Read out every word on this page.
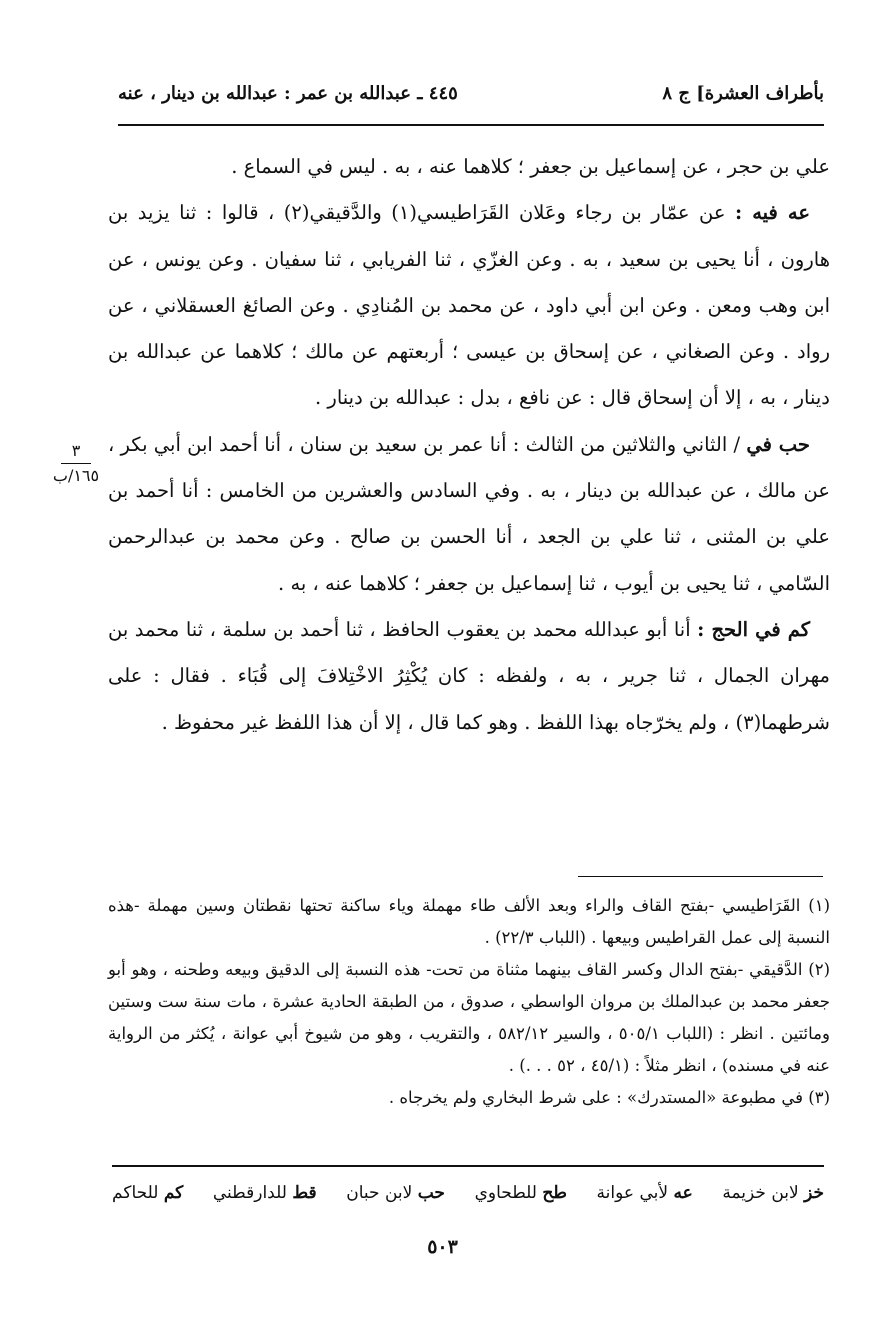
بأطراف العشرة] ج ٨
٤٤٥ ـ عبدالله بن عمر : عبدالله بن دينار ، عنه
٣
١٦٥/ب

علي بن حجر ، عن إسماعيل بن جعفر ؛ كلاهما عنه ، به . ليس في السماع .

عه فيه : عن عمّار بن رجاء وعَلان القَرَاطيسي(١) والدَّقيقي(٢) ، قالوا : ثنا يزيد بن هارون ، أنا يحيى بن سعيد ، به . وعن الغزّي ، ثنا الفريابي ، ثنا سفيان . وعن يونس ، عن ابن وهب ومعن . وعن ابن أبي داود ، عن محمد بن المُنادِي . وعن الصائغ العسقلاني ، عن رواد . وعن الصغاني ، عن إسحاق بن عيسى ؛ أربعتهم عن مالك ؛ كلاهما عن عبدالله بن دينار ، به ، إلا أن إسحاق قال : عن نافع ، بدل : عبدالله بن دينار .

حب في / الثاني والثلاثين من الثالث : أنا عمر بن سعيد بن سنان ، أنا أحمد ابن أبي بكر ، عن مالك ، عن عبدالله بن دينار ، به . وفي السادس والعشرين من الخامس : أنا أحمد بن علي بن المثنى ، ثنا علي بن الجعد ، أنا الحسن بن صالح . وعن محمد بن عبدالرحمن السّامي ، ثنا يحيى بن أيوب ، ثنا إسماعيل بن جعفر ؛ كلاهما عنه ، به .

كم في الحج : أنا أبو عبدالله محمد بن يعقوب الحافظ ، ثنا أحمد بن سلمة ، ثنا محمد بن مهران الجمال ، ثنا جرير ، به ، ولفظه : كان يُكْثِرُ الاخْتِلافَ إلى قُبَاء . فقال : على شرطهما(٣) ، ولم يخرّجاه بهذا اللفظ . وهو كما قال ، إلا أن هذا اللفظ غير محفوظ .

(١) القَرَاطيسي -بفتح القاف والراء وبعد الألف طاء مهملة وياء ساكنة تحتها نقطتان وسين مهملة -هذه النسبة إلى عمل القراطيس وبيعها . (اللباب ٢٢/٣) .

(٢) الدَّقيقي -بفتح الدال وكسر القاف بينهما مثناة من تحت- هذه النسبة إلى الدقيق وبيعه وطحنه ، وهو أبو جعفر محمد بن عبدالملك بن مروان الواسطي ، صدوق ، من الطبقة الحادية عشرة ، مات سنة ست وستين ومائتين . انظر : (اللباب ٥٠٥/١ ، والسير ٥٨٢/١٢ ، والتقريب ، وهو من شيوخ أبي عوانة ، يُكثر من الرواية عنه في مسنده) ، انظر مثلاً : (٤٥/١ ، ٥٢ . . .) .

(٣) في مطبوعة «المستدرك» : على شرط البخاري ولم يخرجاه .

خز لابن خزيمة
عه لأبي عوانة
طح للطحاوي
حب لابن حبان
قط للدارقطني
كم للحاكم
٥٠٣
